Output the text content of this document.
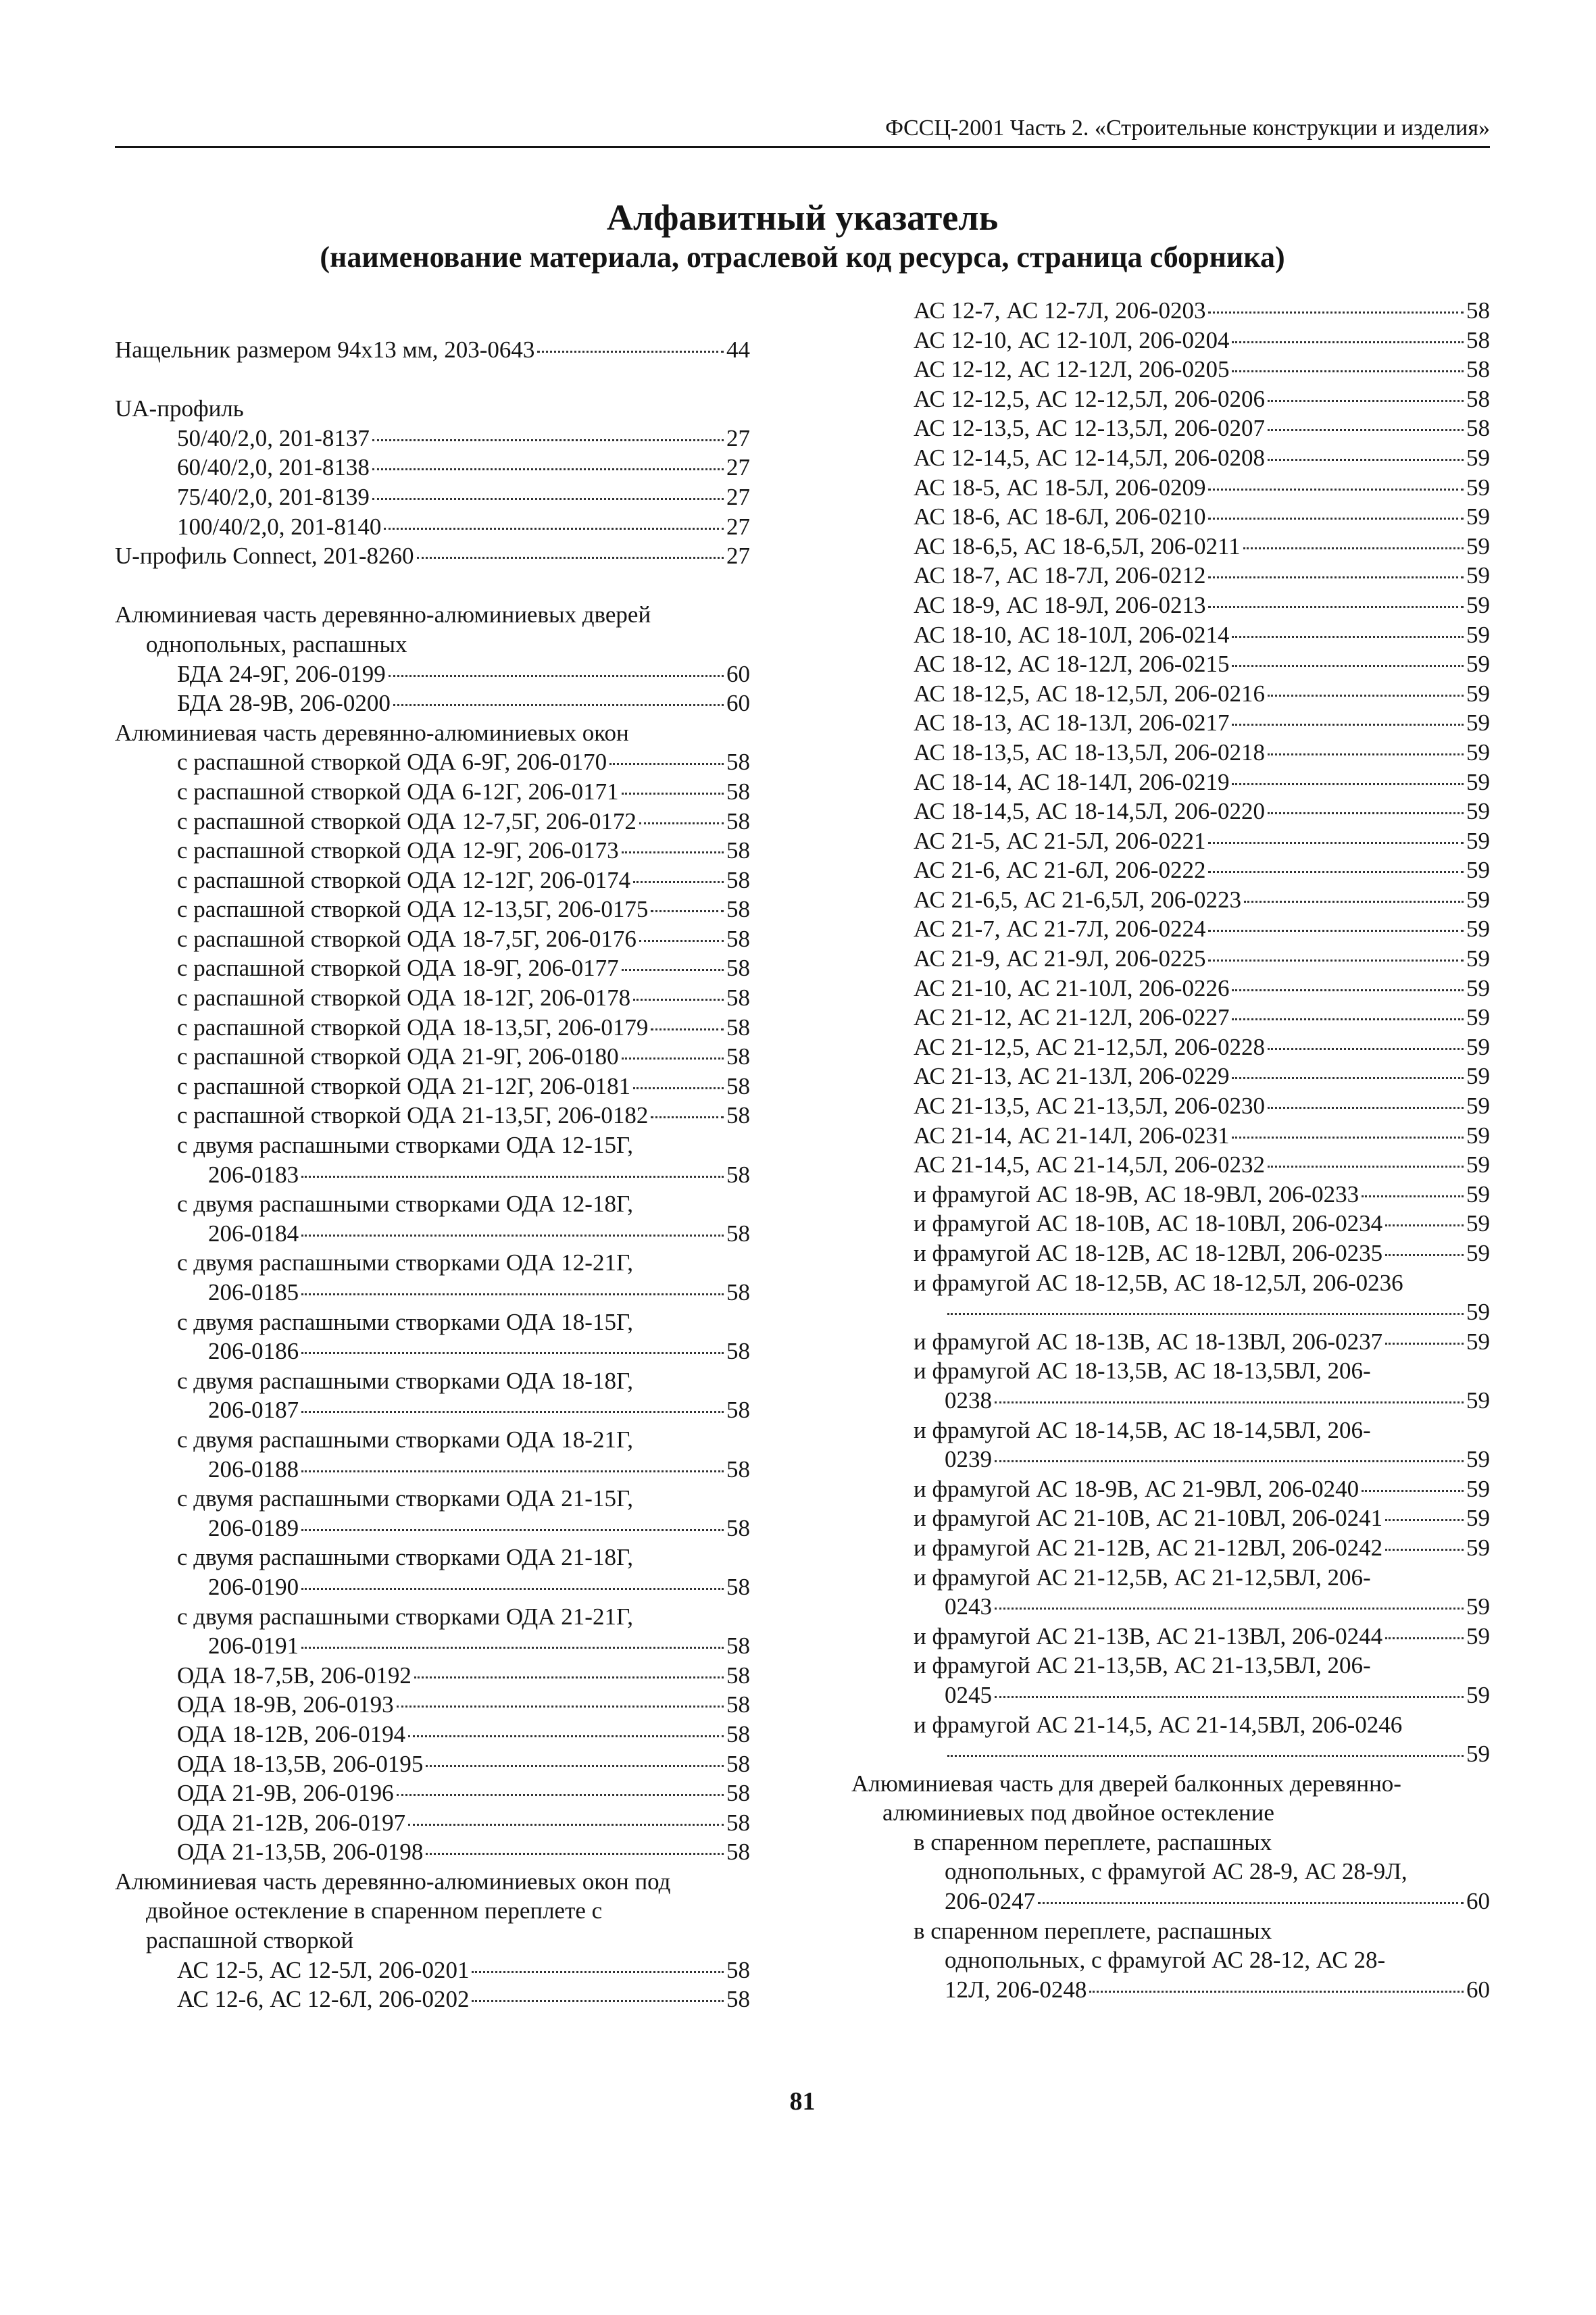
ФССЦ-2001 Часть 2. «Строительные конструкции и изделия»
Алфавитный указатель
(наименование материала, отраслевой код ресурса, страница сборника)
Нащельник размером 94x13 мм, 203-0643	44
UA-профиль
50/40/2,0, 201-8137	27
60/40/2,0, 201-8138	27
75/40/2,0, 201-8139	27
100/40/2,0, 201-8140	27
U-профиль Connect, 201-8260	27
Алюминиевая часть деревянно-алюминиевых дверей
однопольных, распашных
БДА 24-9Г, 206-0199	60
БДА 28-9В, 206-0200	60
Алюминиевая часть деревянно-алюминиевых окон
с распашной створкой ОДА 6-9Г, 206-0170	58
с распашной створкой ОДА 6-12Г, 206-0171	58
с распашной створкой ОДА 12-7,5Г, 206-0172	58
с распашной створкой ОДА 12-9Г, 206-0173	58
с распашной створкой ОДА 12-12Г, 206-0174	58
с распашной створкой ОДА 12-13,5Г, 206-0175	58
с распашной створкой ОДА 18-7,5Г, 206-0176	58
с распашной створкой ОДА 18-9Г, 206-0177	58
с распашной створкой ОДА 18-12Г, 206-0178	58
с распашной створкой ОДА 18-13,5Г, 206-0179	58
с распашной створкой ОДА 21-9Г, 206-0180	58
с распашной створкой ОДА 21-12Г, 206-0181	58
с распашной створкой ОДА 21-13,5Г, 206-0182	58
с двумя распашными створками ОДА 12-15Г,
206-0183	58
с двумя распашными створками ОДА 12-18Г,
206-0184	58
с двумя распашными створками ОДА 12-21Г,
206-0185	58
с двумя распашными створками ОДА 18-15Г,
206-0186	58
с двумя распашными створками ОДА 18-18Г,
206-0187	58
с двумя распашными створками ОДА 18-21Г,
206-0188	58
с двумя распашными створками ОДА 21-15Г,
206-0189	58
с двумя распашными створками ОДА 21-18Г,
206-0190	58
с двумя распашными створками ОДА 21-21Г,
206-0191	58
ОДА 18-7,5В, 206-0192	58
ОДА 18-9В, 206-0193	58
ОДА 18-12В, 206-0194	58
ОДА 18-13,5В, 206-0195	58
ОДА 21-9В, 206-0196	58
ОДА 21-12В, 206-0197	58
ОДА 21-13,5В, 206-0198	58
Алюминиевая часть деревянно-алюминиевых окон под
двойное остекление в спаренном переплете с
распашной створкой
АС 12-5, АС 12-5Л, 206-0201	58
АС 12-6, АС 12-6Л, 206-0202	58
АС 12-7, АС 12-7Л, 206-0203	58
АС 12-10, АС 12-10Л, 206-0204	58
АС 12-12, АС 12-12Л, 206-0205	58
АС 12-12,5, АС 12-12,5Л, 206-0206	58
АС 12-13,5, АС 12-13,5Л, 206-0207	58
АС 12-14,5, АС 12-14,5Л, 206-0208	59
АС 18-5, АС 18-5Л, 206-0209	59
АС 18-6, АС 18-6Л, 206-0210	59
АС 18-6,5, АС 18-6,5Л, 206-0211	59
АС 18-7, АС 18-7Л, 206-0212	59
АС 18-9, АС 18-9Л, 206-0213	59
АС 18-10, АС 18-10Л, 206-0214	59
АС 18-12, АС 18-12Л, 206-0215	59
АС 18-12,5, АС 18-12,5Л, 206-0216	59
АС 18-13, АС 18-13Л, 206-0217	59
АС 18-13,5, АС 18-13,5Л, 206-0218	59
АС 18-14, АС 18-14Л, 206-0219	59
АС 18-14,5, АС 18-14,5Л, 206-0220	59
АС 21-5, АС 21-5Л, 206-0221	59
АС 21-6, АС 21-6Л, 206-0222	59
АС 21-6,5, АС 21-6,5Л, 206-0223	59
АС 21-7, АС 21-7Л, 206-0224	59
АС 21-9, АС 21-9Л, 206-0225	59
АС 21-10, АС 21-10Л, 206-0226	59
АС 21-12, АС 21-12Л, 206-0227	59
АС 21-12,5, АС 21-12,5Л, 206-0228	59
АС 21-13, АС 21-13Л, 206-0229	59
АС 21-13,5, АС 21-13,5Л, 206-0230	59
АС 21-14, АС 21-14Л, 206-0231	59
АС 21-14,5, АС 21-14,5Л, 206-0232	59
и фрамугой АС 18-9В, АС 18-9ВЛ, 206-0233	59
и фрамугой АС 18-10В, АС 18-10ВЛ, 206-0234	59
и фрамугой АС 18-12В, АС 18-12ВЛ, 206-0235	59
и фрамугой АС 18-12,5В, АС 18-12,5Л, 206-0236
59
и фрамугой АС 18-13В, АС 18-13ВЛ, 206-0237	59
и фрамугой АС 18-13,5В, АС 18-13,5ВЛ, 206-
0238	59
и фрамугой АС 18-14,5В, АС 18-14,5ВЛ, 206-
0239	59
и фрамугой АС 18-9В, АС 21-9ВЛ, 206-0240	59
и фрамугой АС 21-10В, АС 21-10ВЛ, 206-0241	59
и фрамугой АС 21-12В, АС 21-12ВЛ, 206-0242	59
и фрамугой АС 21-12,5В, АС 21-12,5ВЛ, 206-
0243	59
и фрамугой АС 21-13В, АС 21-13ВЛ, 206-0244	59
и фрамугой АС 21-13,5В, АС 21-13,5ВЛ, 206-
0245	59
и фрамугой АС 21-14,5, АС 21-14,5ВЛ, 206-0246
59
Алюминиевая часть для дверей балконных деревянно-
алюминиевых под двойное остекление
в спаренном переплете, распашных
однопольных, с фрамугой АС 28-9, АС 28-9Л,
206-0247	60
в спаренном переплете, распашных
однопольных, с фрамугой АС 28-12, АС 28-
12Л, 206-0248	60
81
